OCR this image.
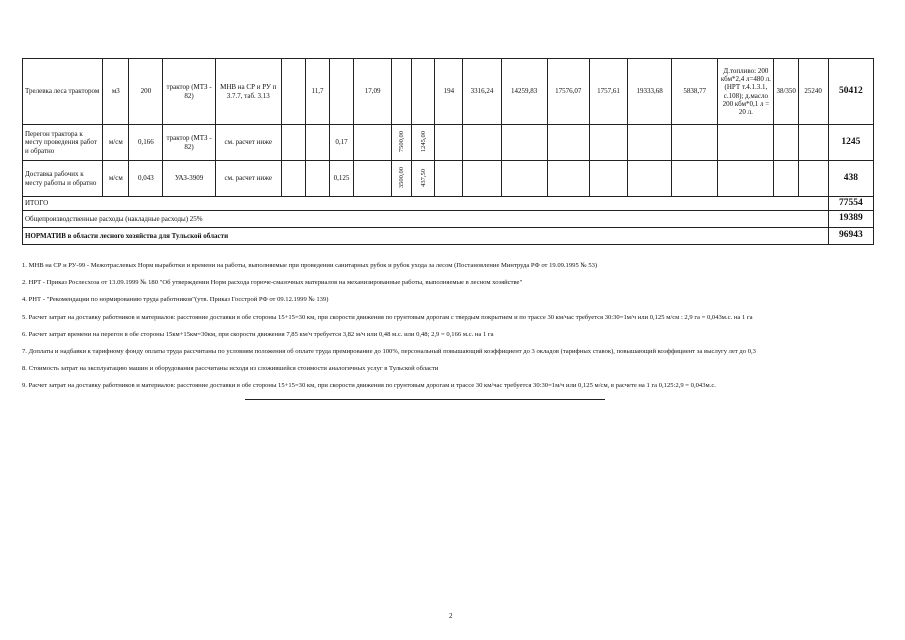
Трелевка леса трактором	м3	200	трактор (МТЗ - 82)	МНВ на СР и РУ п 3.7.7, таб. 3.13		11,7		17,09			194	3316,24	14259,83	17576,07	1757,61	19333,68	5838,77	Д.топливо: 200 кбм*2,4 л=480 л. (НРТ т.4.1.3.1, с.108); д.масло 200 кбм*0,1 л = 20 л.	38/350	25240	50412
Перегон трактора к месту проведения работ и обратно	м/см	0,166	трактор (МТЗ - 82)	см. расчет ниже			0,17		7500,00	1245,00											1245
Доставка рабочих к месту работы и обратно	м/см	0,043	УАЗ-3909	см. расчет ниже			0,125		3500,00	437,50											438
ИТОГО																					77554
Общепроизводственные расходы (накладные расходы) 25%																					19389
НОРМАТИВ в области лесного хозяйства для Тульской области																					96943

1. МНВ на СР и РУ-99 - Межотраслевых Норм выработки и времени на работы, выполняемые при проведении санитарных рубок и рубок ухода за лесом (Постановление Минтруда РФ от 19.09.1995 № 53)

2. НРТ - Приказ Рослесхоза от 13.09.1999 № 180 "Об утверждении Норм расхода горюче-смазочных материалов на механизированные работы, выполняемые в лесном хозяйстве"

4. РНТ - "Рекомендации по нормированию труда работников"(утв. Приказ Госстрой РФ от 09.12.1999 № 139)

5. Расчет затрат на доставку работников и материалов: расстояние доставки в обе стороны 15+15=30 км, при скорости движения по грунтовым дорогам с твердым покрытием и по трассе 30 км/час требуется 30:30=1м/ч или 0,125 м/см : 2,9 га = 0,043м.с. на 1 га

6. Расчет затрат времени на перегон в обе стороны 15км+15км=30км, при скорости движения 7,85 км/ч требуется 3,82 м/ч или 0,48 м.с. или 0,48; 2,9 = 0,166 м.с. на 1 га

7. Доплаты и надбавки к тарифному фонду оплаты труда рассчитаны по условиям положения об оплате труда премирование до 100%, персональный повышающий коэффициент до 3 окладов (тарифных ставок), повышающий коэффициент за выслугу лет до 0,3

8. Стоимость затрат на эксплуатацию машин и оборудования рассчитаны исходя из сложившейся стоимости аналогичных услуг в Тульской области

9. Расчет затрат на доставку работников и материалов: расстояние доставки в обе стороны 15+15=30 км, при скорости движения по грунтовым дорогам и трассе 30 км/час требуется 30:30=1м/ч или 0,125 м/см, в расчете на 1 га 0,125:2,9 = 0,043м.с.

2
